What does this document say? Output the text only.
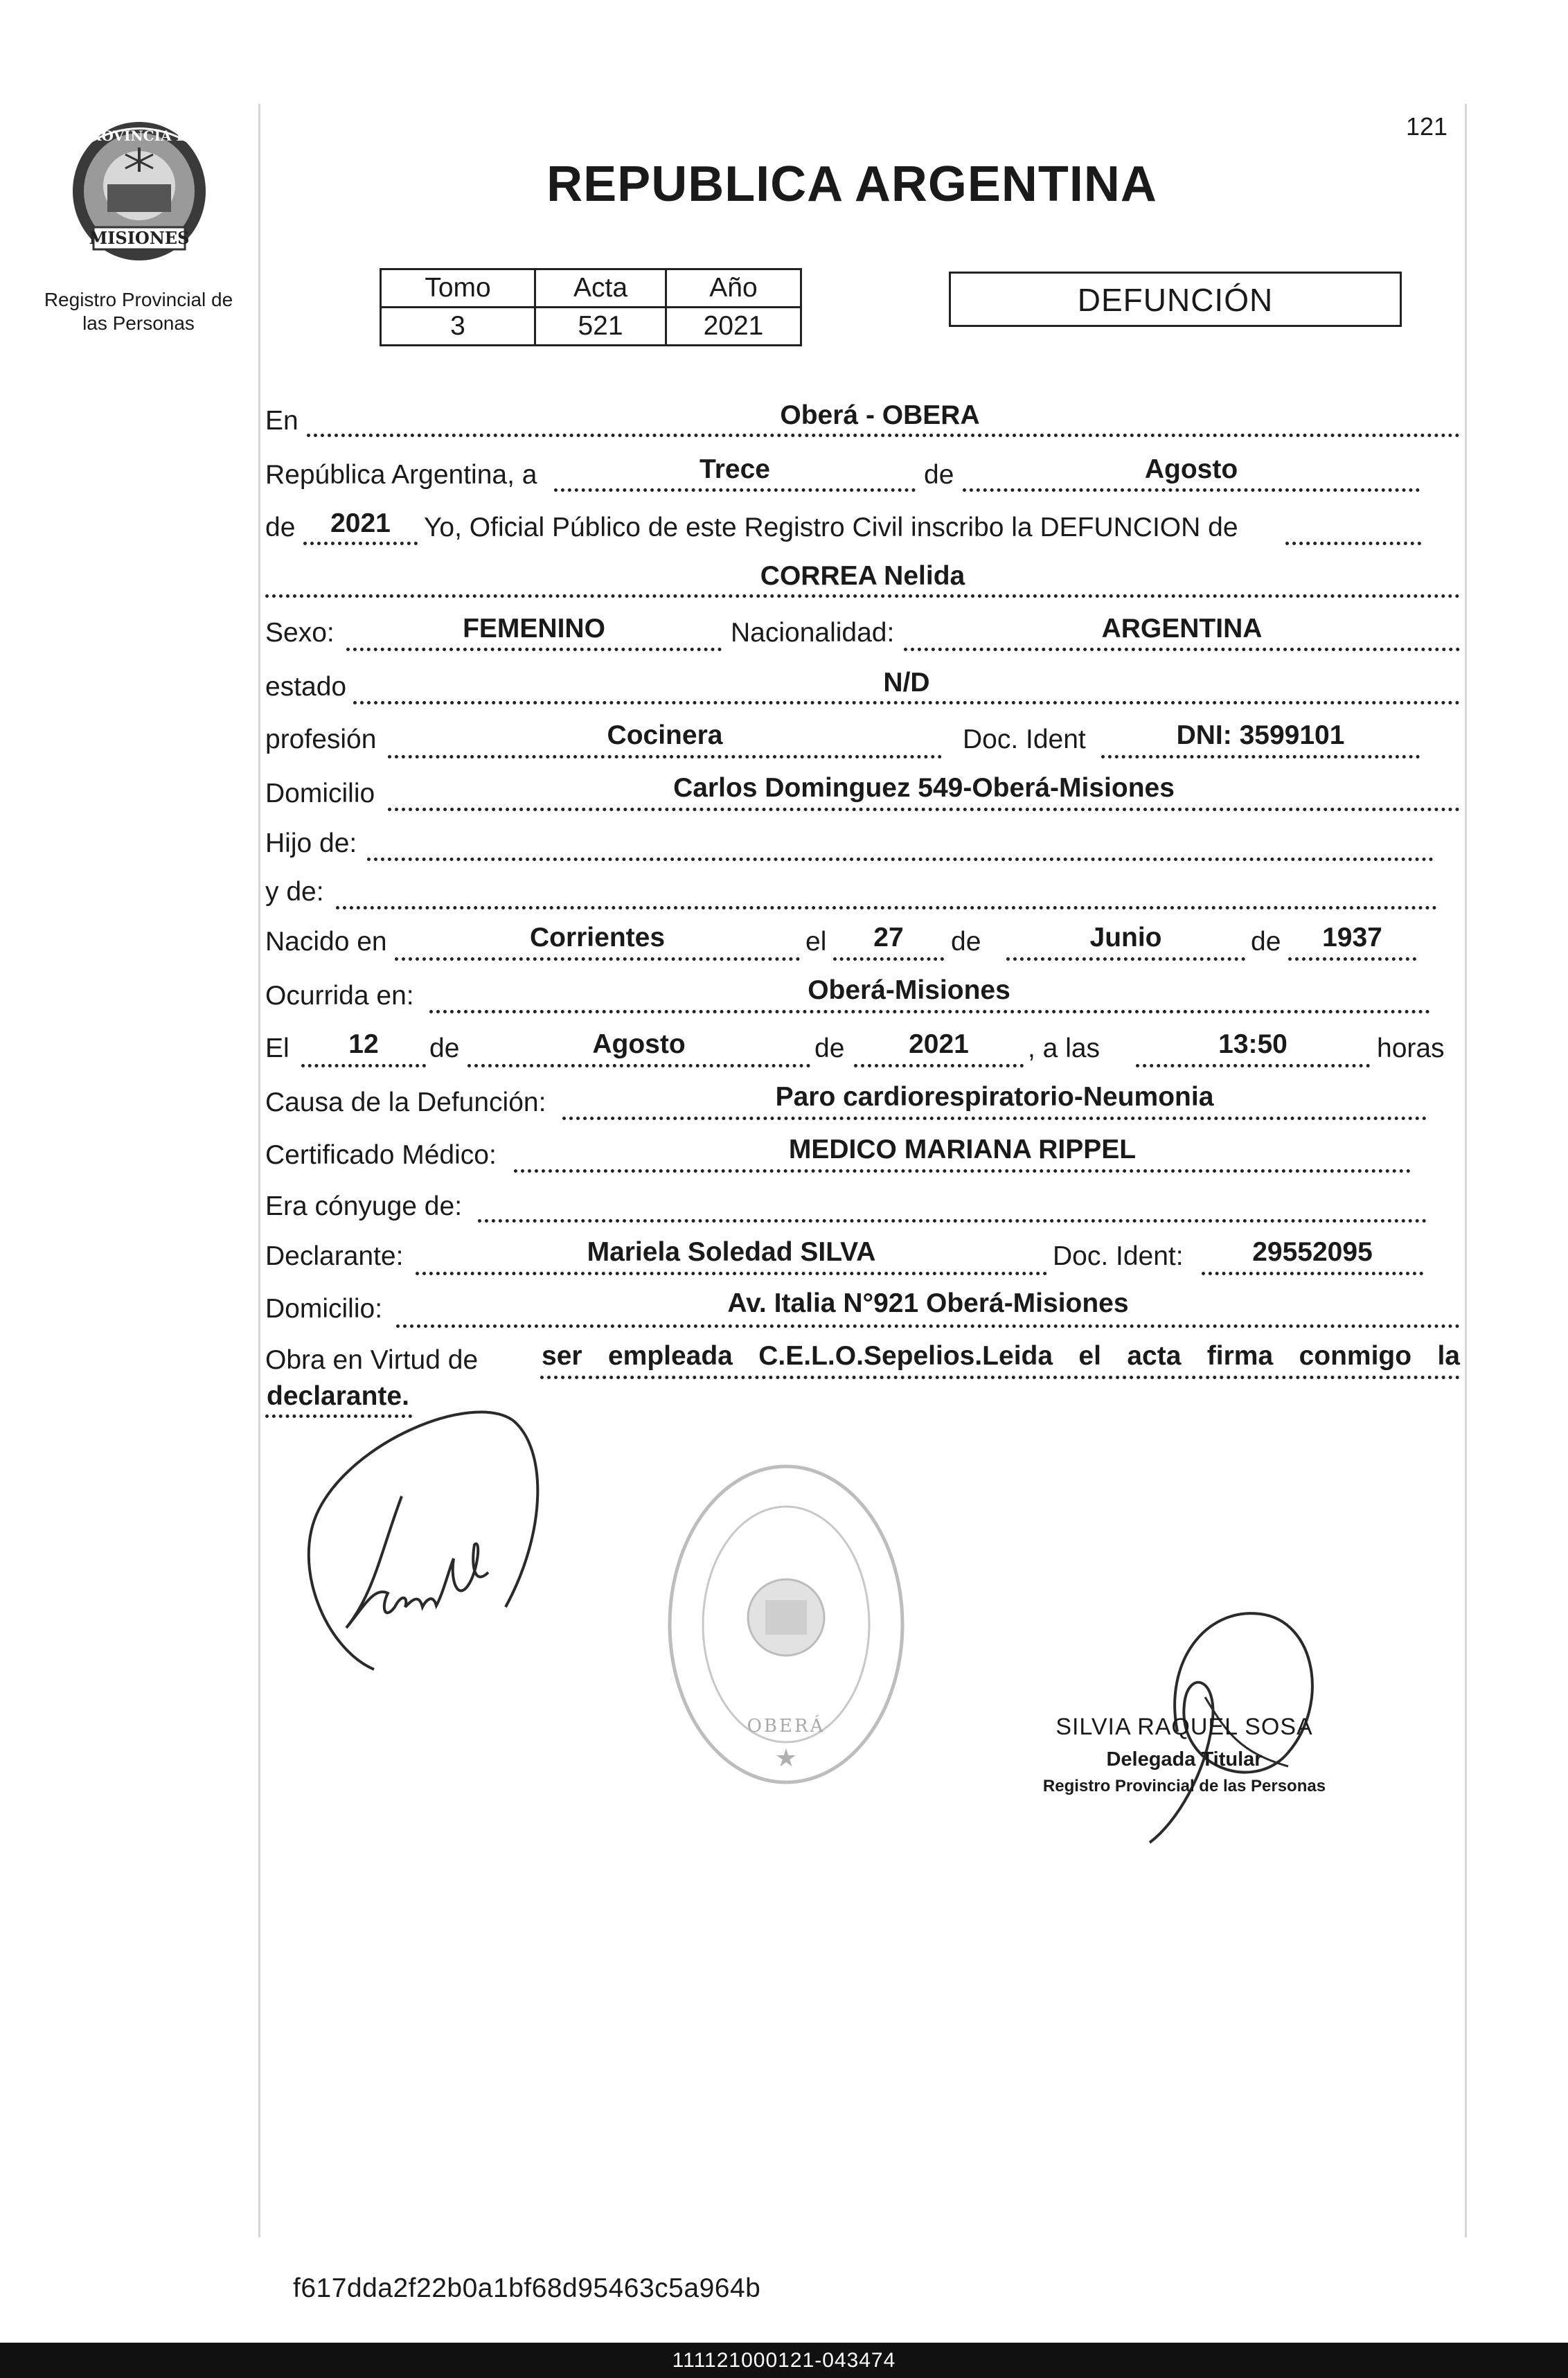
121
PROVINCIA DE
MISIONES
Registro Provincial de
las Personas
REPUBLICA ARGENTINA
Tomo	Acta	Año
3	521	2021
DEFUNCIÓN
En	Oberá - OBERA
República Argentina, a	Trece	de	Agosto
de	2021	Yo, Oficial Público de este Registro Civil inscribo la DEFUNCION de
CORREA Nelida
Sexo:	FEMENINO	Nacionalidad:	ARGENTINA
estado	N/D
profesión	Cocinera	Doc. Ident	DNI: 3599101
Domicilio	Carlos Dominguez 549-Oberá-Misiones
Hijo de:
y de:
Nacido en	Corrientes	el	27	de	Junio	de	1937
Ocurrida en:	Oberá-Misiones
El	12	de	Agosto	de	2021	, a las	13:50	horas
Causa de la Defunción:	Paro cardiorespiratorio-Neumonia
Certificado Médico:	MEDICO MARIANA RIPPEL
Era cónyuge de:
Declarante:	Mariela Soledad SILVA	Doc. Ident:	29552095
Domicilio:	Av. Italia N°921 Oberá-Misiones
Obra en Virtud de ser empleada C.E.L.O.Sepelios.Leida el acta firma conmigo la
declarante.
OBERÁ
★
SILVIA RAQUEL SOSA
Delegada Titular
Registro Provincial de las Personas
f617dda2f22b0a1bf68d95463c5a964b
111121000121-043474
